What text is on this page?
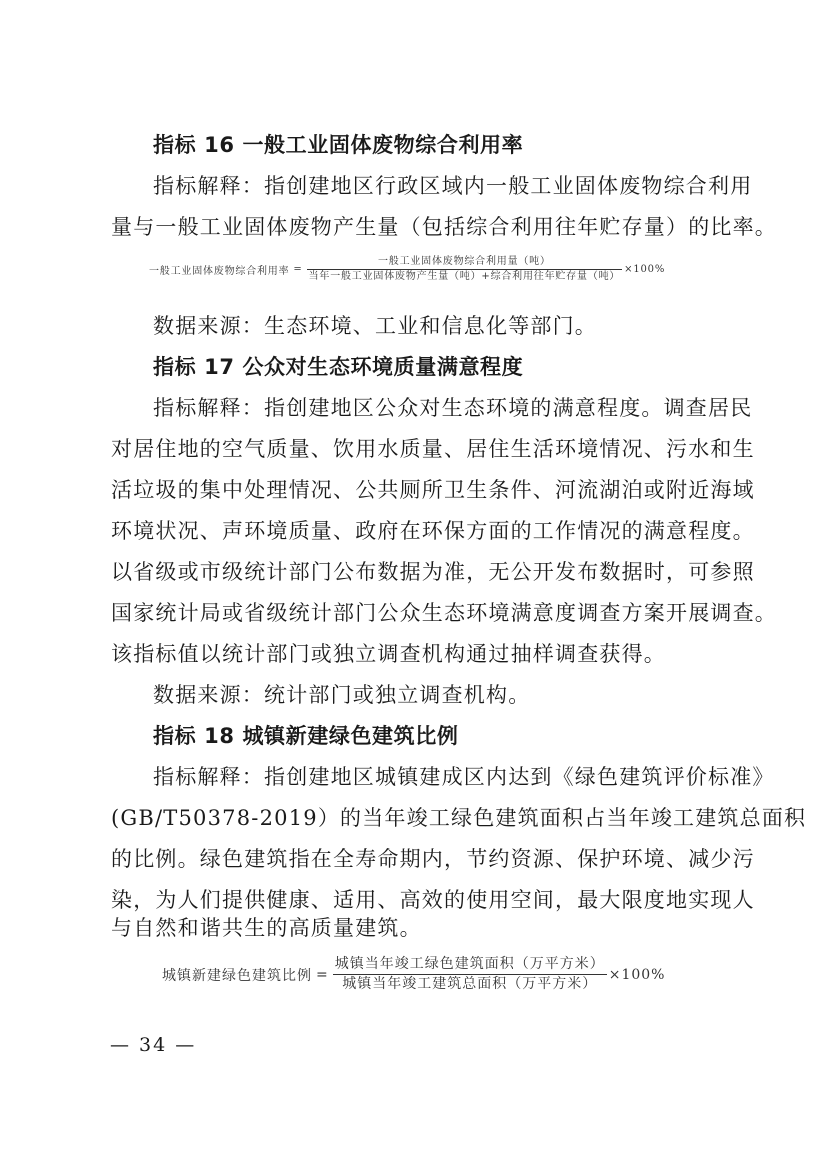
指标 16 一般工业固体废物综合利用率
指标解释：指创建地区行政区域内一般工业固体废物综合利用
量与一般工业固体废物产生量（包括综合利用往年贮存量）的比率。
一般工业固体废物综合利用率 = $\frac{\text{一般工业固体废物综合利用量（吨）}}{\text{当年一般工业固体废物产生量（吨）+综合利用往年贮存量（吨）}} \times 100\%$
数据来源：生态环境、工业和信息化等部门。
指标 17 公众对生态环境质量满意程度
指标解释：指创建地区公众对生态环境的满意程度。调查居民
对居住地的空气质量、饮用水质量、居住生活环境情况、污水和生
活垃圾的集中处理情况、公共厕所卫生条件、河流湖泊或附近海域
环境状况、声环境质量、政府在环保方面的工作情况的满意程度。
以省级或市级统计部门公布数据为准，无公开发布数据时，可参照
国家统计局或省级统计部门公众生态环境满意度调查方案开展调查。
该指标值以统计部门或独立调查机构通过抽样调查获得。
数据来源：统计部门或独立调查机构。
指标 18 城镇新建绿色建筑比例
指标解释：指创建地区城镇建成区内达到《绿色建筑评价标准》
(GB/T50378-2019）的当年竣工绿色建筑面积占当年竣工建筑总面积
的比例。绿色建筑指在全寿命期内，节约资源、保护环境、减少污
染，为人们提供健康、适用、高效的使用空间，最大限度地实现人
与自然和谐共生的高质量建筑。
城镇新建绿色建筑比例 = $\frac{\text{城镇当年竣工绿色建筑面积（万平方米）}}{\text{城镇当年竣工建筑总面积（万平方米）}} \times 100\%$
— 34 —
